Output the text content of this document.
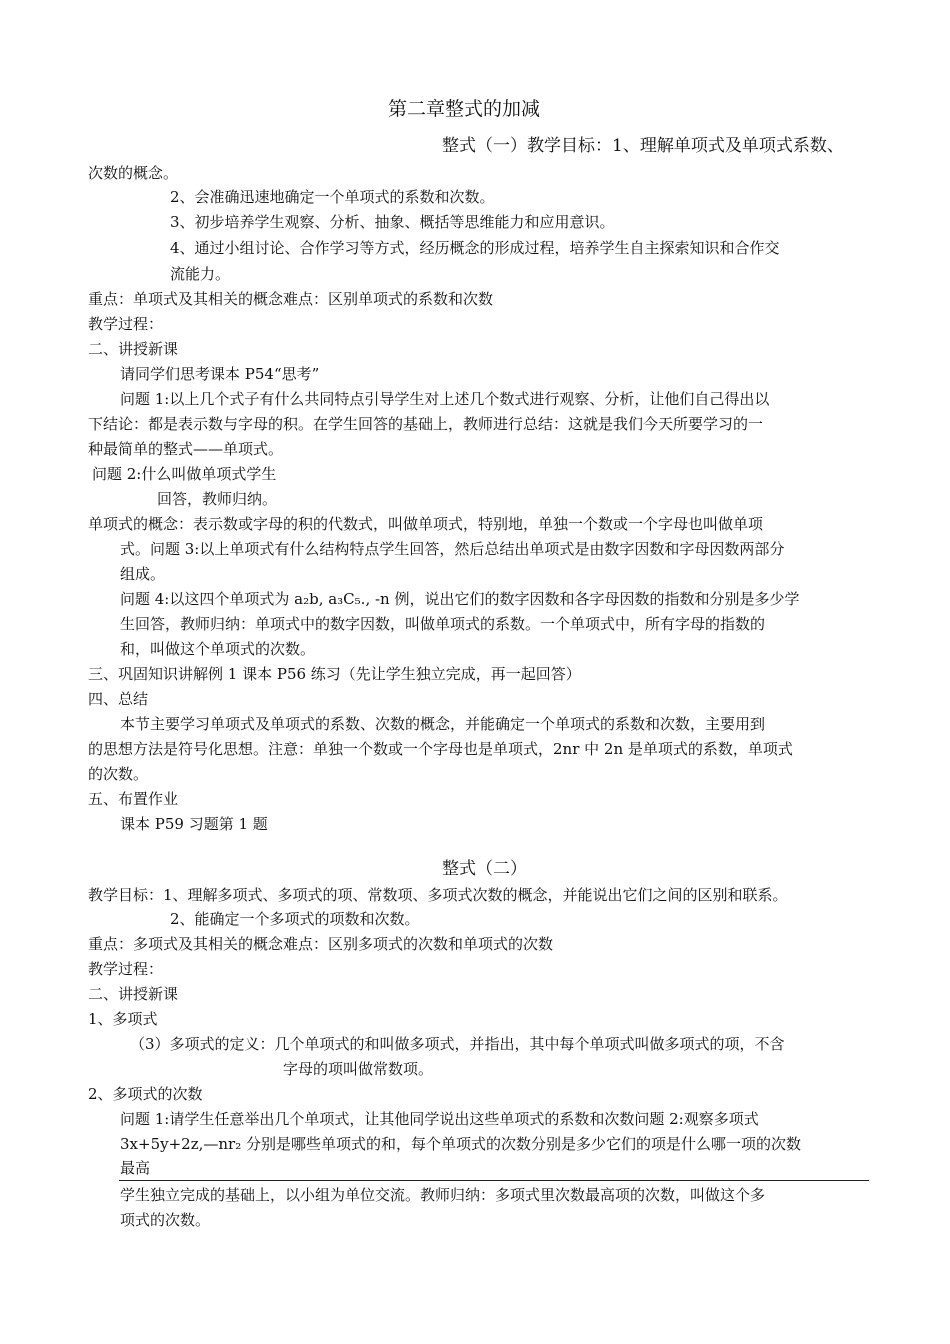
第二章整式的加减
整式（一）教学目标：1、理解单项式及单项式系数、
次数的概念。
2、会准确迅速地确定一个单项式的系数和次数。
3、初步培养学生观察、分析、抽象、概括等思维能力和应用意识。
4、通过小组讨论、合作学习等方式，经历概念的形成过程，培养学生自主探索知识和合作交
流能力。
重点：单项式及其相关的概念难点：区别单项式的系数和次数
教学过程：
二、讲授新课
请同学们思考课本 P54“思考”
问题 1:以上几个式子有什么共同特点引导学生对上述几个数式进行观察、分析，让他们自己得出以
下结论：都是表示数与字母的积。在学生回答的基础上，教师进行总结：这就是我们今天所要学习的一
种最简单的整式——单项式。
问题 2:什么叫做单项式学生
回答，教师归纳。
单项式的概念：表示数或字母的积的代数式，叫做单项式，特别地，单独一个数或一个字母也叫做单项
式。问题 3:以上单项式有什么结构特点学生回答，然后总结出单项式是由数字因数和字母因数两部分
组成。
问题 4:以这四个单项式为 a₂b, a₃C₅., -n 例，说出它们的数字因数和各字母因数的指数和分别是多少学
生回答，教师归纳：单项式中的数字因数，叫做单项式的系数。一个单项式中，所有字母的指数的
和，叫做这个单项式的次数。
三、巩固知识讲解例 1 课本 P56 练习（先让学生独立完成，再一起回答）
四、总结
本节主要学习单项式及单项式的系数、次数的概念，并能确定一个单项式的系数和次数，主要用到
的思想方法是符号化思想。注意：单独一个数或一个字母也是单项式，2nr 中 2n 是单项式的系数，单项式
的次数。
五、布置作业
课本 P59 习题第 1 题
整式（二）
教学目标：1、理解多项式、多项式的项、常数项、多项式次数的概念，并能说出它们之间的区别和联系。
2、能确定一个多项式的项数和次数。
重点：多项式及其相关的概念难点：区别多项式的次数和单项式的次数
教学过程：
二、讲授新课
1、多项式
（3）多项式的定义：几个单项式的和叫做多项式，并指出，其中每个单项式叫做多项式的项，不含
字母的项叫做常数项。
2、多项式的次数
问题 1:请学生任意举出几个单项式，让其他同学说出这些单项式的系数和次数问题 2:观察多项式
3x+5y+2z,—nr₂ 分别是哪些单项式的和，每个单项式的次数分别是多少它们的项是什么哪一项的次数
最高
学生独立完成的基础上，以小组为单位交流。教师归纳：多项式里次数最高项的次数，叫做这个多
项式的次数。
